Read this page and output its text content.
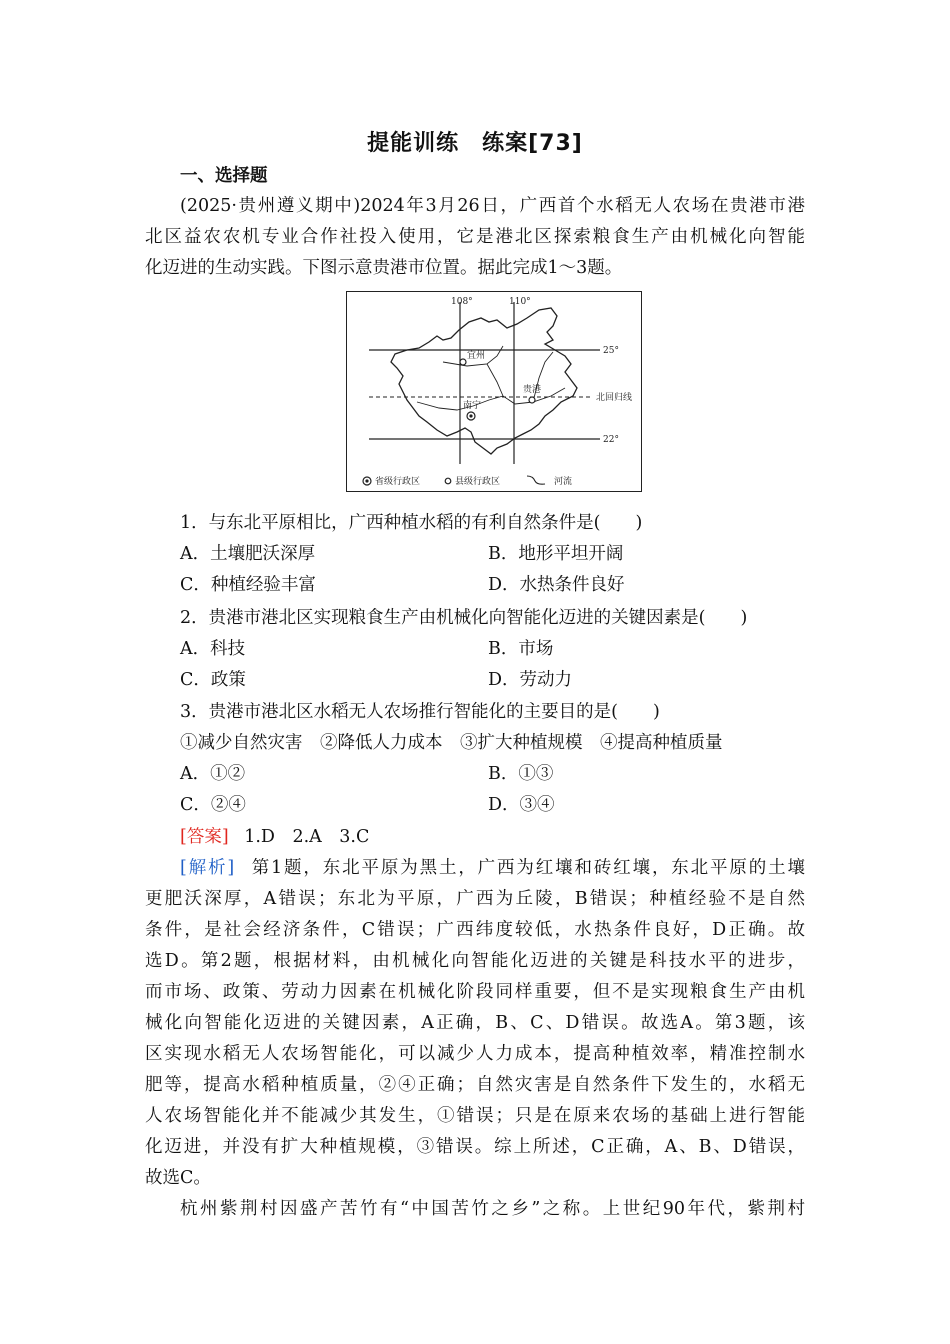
提能训练　练案[73]
一、选择题
(2025·贵州遵义期中)2024年3月26日，广西首个水稻无人农场在贵港市港
北区益农农机专业合作社投入使用，它是港北区探索粮食生产由机械化向智能
化迈进的生动实践。下图示意贵港市位置。据此完成1～3题。
108°	110°
25°
北回归线
22°
宜州
贵港
南宁
省级行政区	县级行政区	河流
1．与东北平原相比，广西种植水稻的有利自然条件是(　　)
A．土壤肥沃深厚	B．地形平坦开阔
C．种植经验丰富	D．水热条件良好
2．贵港市港北区实现粮食生产由机械化向智能化迈进的关键因素是(　　)
A．科技	B．市场
C．政策	D．劳动力
3．贵港市港北区水稻无人农场推行智能化的主要目的是(　　)
①减少自然灾害　②降低人力成本　③扩大种植规模　④提高种植质量
A．①②	B．①③
C．②④	D．③④
[答案] 1.D　2.A　3.C
[解析] 第1题，东北平原为黑土，广西为红壤和砖红壤，东北平原的土壤
更肥沃深厚，A错误；东北为平原，广西为丘陵，B错误；种植经验不是自然
条件，是社会经济条件，C错误；广西纬度较低，水热条件良好，D正确。故
选D。第2题，根据材料，由机械化向智能化迈进的关键是科技水平的进步，
而市场、政策、劳动力因素在机械化阶段同样重要，但不是实现粮食生产由机
械化向智能化迈进的关键因素，A正确，B、C、D错误。故选A。第3题，该
区实现水稻无人农场智能化，可以减少人力成本，提高种植效率，精准控制水
肥等，提高水稻种植质量，②④正确；自然灾害是自然条件下发生的，水稻无
人农场智能化并不能减少其发生，①错误；只是在原来农场的基础上进行智能
化迈进，并没有扩大种植规模，③错误。综上所述，C正确，A、B、D错误，
故选C。
杭州紫荆村因盛产苦竹有“中国苦竹之乡”之称。上世纪90年代，紫荆村
